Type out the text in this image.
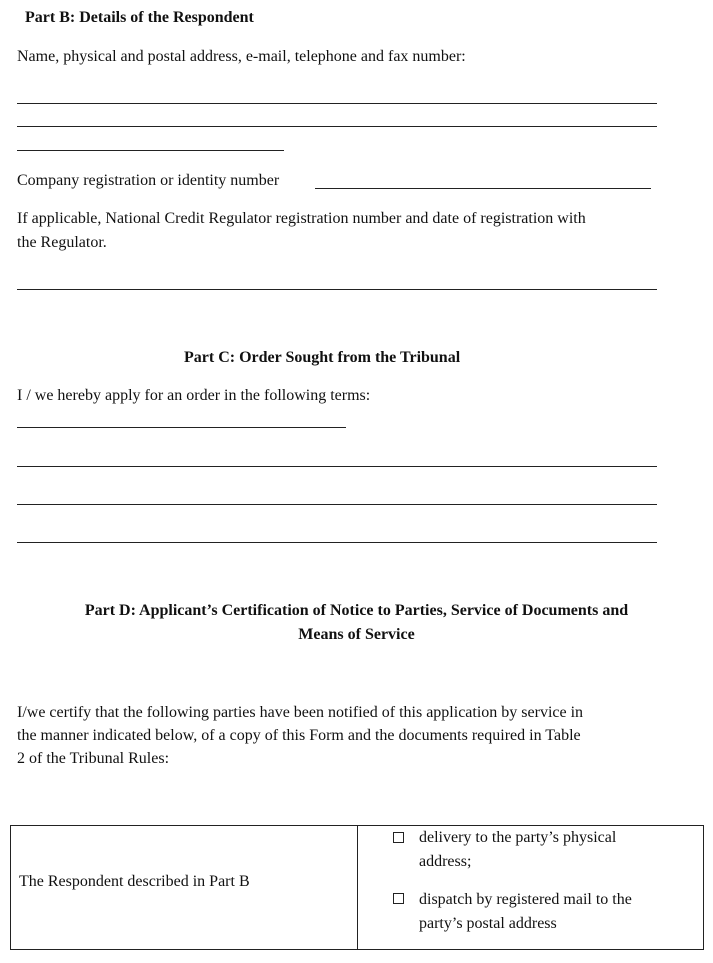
Part B: Details of the Respondent
Name, physical and postal address, e-mail, telephone and fax number:
Company registration or identity number
If applicable, National Credit Regulator registration number and date of registration with
the Regulator.
Part C: Order Sought from the Tribunal
I / we hereby apply for an order in the following terms:
Part D: Applicant’s Certification of Notice to Parties, Service of Documents and
Means of Service
I/we certify that the following parties have been notified of this application by service in
the manner indicated below, of a copy of this Form and the documents required in Table
2 of the Tribunal Rules:
The Respondent described in Part B
delivery to the party’s physical
address;
dispatch by registered mail to the
party’s postal address
